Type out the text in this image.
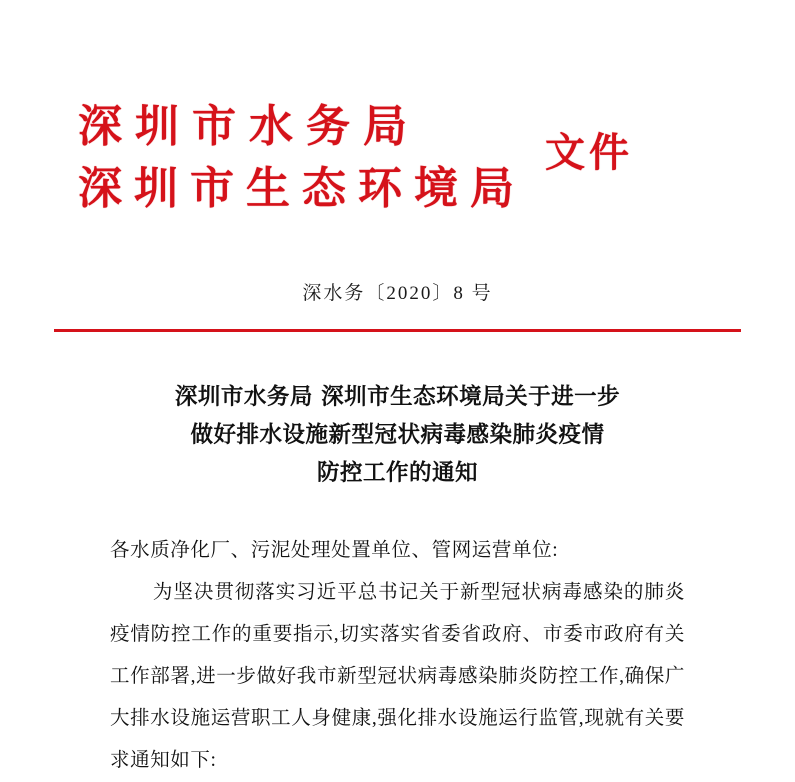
深圳市水务局
深圳市生态环境局
文件
深水务〔2020〕8 号
深圳市水务局 深圳市生态环境局关于进一步
做好排水设施新型冠状病毒感染肺炎疫情
防控工作的通知

各水质净化厂、污泥处理处置单位、管网运营单位:

为坚决贯彻落实习近平总书记关于新型冠状病毒感染的肺炎疫情防控工作的重要指示,切实落实省委省政府、市委市政府有关工作部署,进一步做好我市新型冠状病毒感染肺炎防控工作,确保广大排水设施运营职工人身健康,强化排水设施运行监管,现就有关要求通知如下:
